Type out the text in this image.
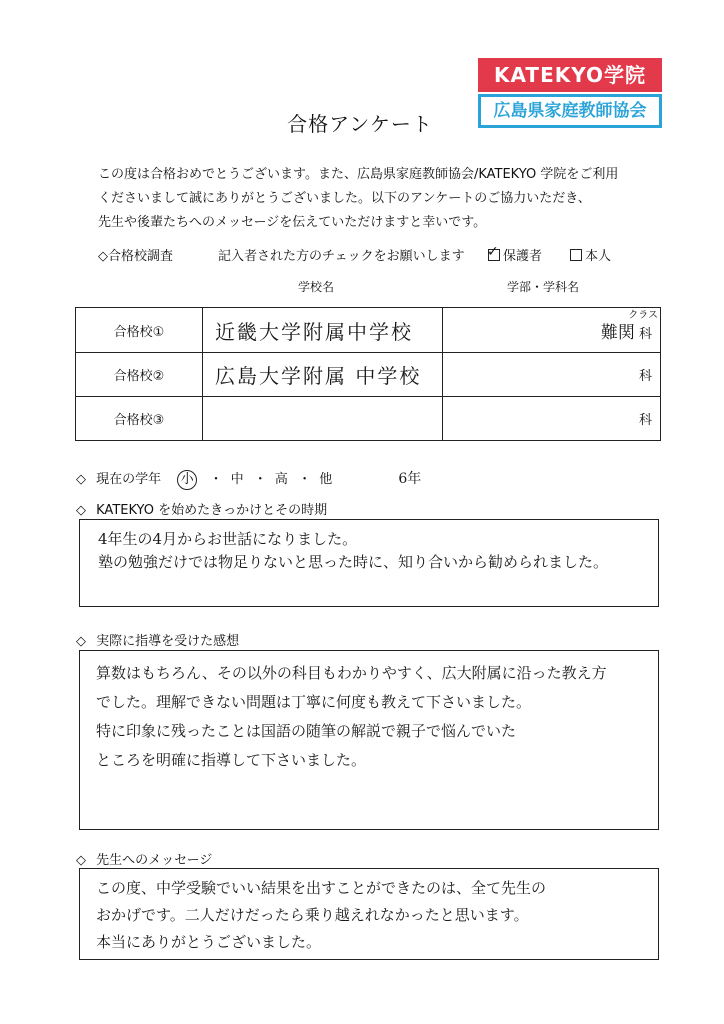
KATEKYO学院
広島県家庭教師協会
合格アンケート
この度は合格おめでとうございます。また、広島県家庭教師協会/KATEKYO 学院をご利用
くださいまして誠にありがとうございました。以下のアンケートのご協力いただき、
先生や後輩たちへのメッセージを伝えていただけますと幸いです。
◇合格校調査	記入者された方のチェックをお願いします ✓	保護者	本人
学校名	学部・学科名
合格校①	近畿大学附属中学校	難関 科
クラス

合格校②	広島大学附属 中学校	科
合格校③		科
◇ 現在の学年 小 ・ 中 ・ 高 ・ 他	6年
◇ KATEKYO を始めたきっかけとその時期
4年生の4月からお世話になりました。
塾の勉強だけでは物足りないと思った時に、知り合いから勧められました。
◇ 実際に指導を受けた感想
算数はもちろん、その以外の科目もわかりやすく、広大附属に沿った教え方
でした。理解できない問題は丁寧に何度も教えて下さいました。
特に印象に残ったことは国語の随筆の解説で親子で悩んでいた
ところを明確に指導して下さいました。
◇ 先生へのメッセージ
この度、中学受験でいい結果を出すことができたのは、全て先生の
おかげです。二人だけだったら乗り越えれなかったと思います。
本当にありがとうございました。
